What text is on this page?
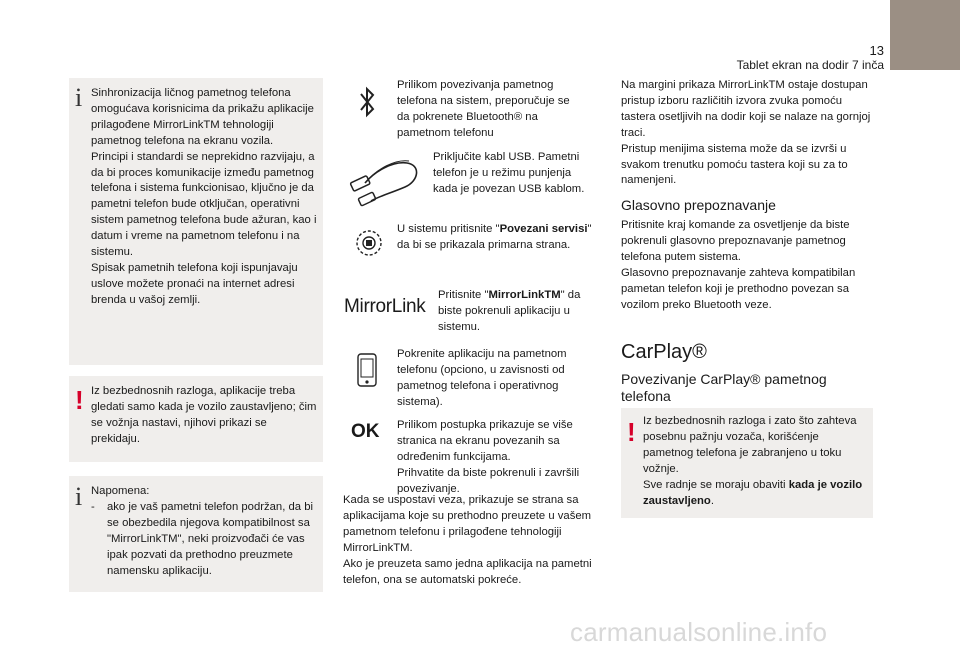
13
Tablet ekran na dodir 7 inča
i Sinhronizacija ličnog pametnog telefona omogućava korisnicima da prikažu aplikacije prilagođene MirrorLinkTM tehnologiji pametnog telefona na ekranu vozila.
Principi i standardi se neprekidno razvijaju, a da bi proces komunikacije između pametnog telefona i sistema funkcionisao, ključno je da pametni telefon bude otključan, operativni sistem pametnog telefona bude ažuran, kao i datum i vreme na pametnom telefonu i na sistemu.
Spisak pametnih telefona koji ispunjavaju uslove možete pronaći na internet adresi brenda u vašoj zemlji.

! Iz bezbednosnih razloga, aplikacije treba gledati samo kada je vozilo zaustavljeno; čim se vožnja nastavi, njihovi prikazi se prekidaju.

i Napomena:

- ako je vaš pametni telefon podržan, da bi se obezbedila njegova kompatibilnost sa "MirrorLinkTM", neki proizvođači će vas ipak pozvati da prethodno preuzmete namensku aplikaciju.

Prilikom povezivanja pametnog telefona na sistem, preporučuje se da pokrenete Bluetooth® na pametnom telefonu
Priključite kabl USB. Pametni telefon je u režimu punjenja kada je povezan USB kablom.
U sistemu pritisnite "Povezani servisi" da bi se prikazala primarna strana.
MirrorLink
Pritisnite "MirrorLinkTM" da biste pokrenuli aplikaciju u sistemu.
Pokrenite aplikaciju na pametnom telefonu (opciono, u zavisnosti od pametnog telefona i operativnog sistema).
OK Prilikom postupka prikazuje se više stranica na ekranu povezanih sa određenim funkcijama.
Prihvatite da biste pokrenuli i završili povezivanje.
Kada se uspostavi veza, prikazuje se strana sa aplikacijama koje su prethodno preuzete u vašem pametnom telefonu i prilagođene tehnologiji MirrorLinkTM.
Ako je preuzeta samo jedna aplikacija na pametni telefon, ona se automatski pokreće.
Na margini prikaza MirrorLinkTM ostaje dostupan pristup izboru različitih izvora zvuka pomoću tastera osetljivih na dodir koji se nalaze na gornjoj traci.
Pristup menijima sistema može da se izvrši u svakom trenutku pomoću tastera koji su za to namenjeni.
Glasovno prepoznavanje
Pritisnite kraj komande za osvetljenje da biste pokrenuli glasovno prepoznavanje pametnog telefona putem sistema.
Glasovno prepoznavanje zahteva kompatibilan pametan telefon koji je prethodno povezan sa vozilom preko Bluetooth veze.
CarPlay®
Povezivanje CarPlay® pametnog telefona
! Iz bezbednosnih razloga i zato što zahteva posebnu pažnju vozača, korišćenje pametnog telefona je zabranjeno u toku vožnje.
Sve radnje se moraju obaviti kada je vozilo zaustavljeno.

carmanualsonline.info
